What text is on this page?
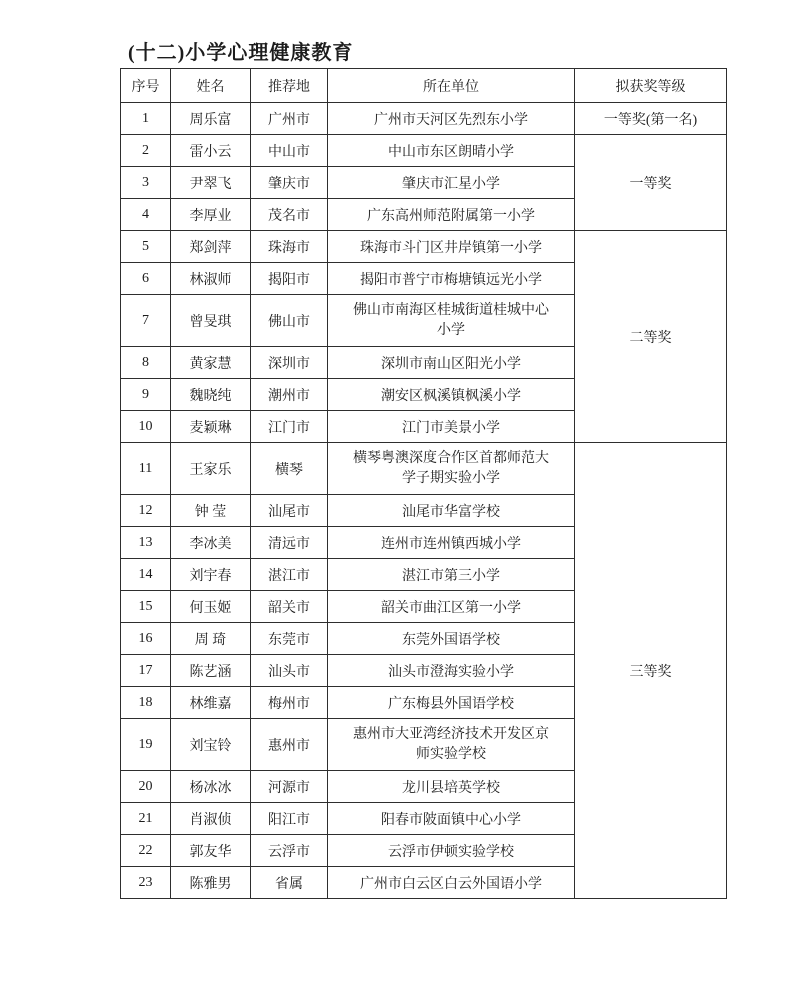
(十二)小学心理健康教育
序号	姓名	推荐地	所在单位	拟获奖等级
1	周乐富	广州市	广州市天河区先烈东小学	一等奖(第一名)
2	雷小云	中山市	中山市东区朗晴小学	一等奖
3	尹翠飞	肇庆市	肇庆市汇星小学	
4	李厚业	茂名市	广东高州师范附属第一小学	
5	郑剑萍	珠海市	珠海市斗门区井岸镇第一小学	二等奖
6	林淑师	揭阳市	揭阳市普宁市梅塘镇远光小学	
7	曾旻琪	佛山市	佛山市南海区桂城街道桂城中心小学	
8	黄家慧	深圳市	深圳市南山区阳光小学	
9	魏晓纯	潮州市	潮安区枫溪镇枫溪小学	
10	麦颖琳	江门市	江门市美景小学	
11	王家乐	横琴	横琴粤澳深度合作区首都师范大学子期实验小学	三等奖
12	钟 莹	汕尾市	汕尾市华富学校	
13	李冰美	清远市	连州市连州镇西城小学	
14	刘宇春	湛江市	湛江市第三小学	
15	何玉姬	韶关市	韶关市曲江区第一小学	
16	周 琦	东莞市	东莞外国语学校	
17	陈艺涵	汕头市	汕头市澄海实验小学	
18	林维嘉	梅州市	广东梅县外国语学校	
19	刘宝铃	惠州市	惠州市大亚湾经济技术开发区京师实验学校	
20	杨冰冰	河源市	龙川县培英学校	
21	肖淑侦	阳江市	阳春市陂面镇中心小学	
22	郭友华	云浮市	云浮市伊顿实验学校	
23	陈雅男	省属	广州市白云区白云外国语小学	
